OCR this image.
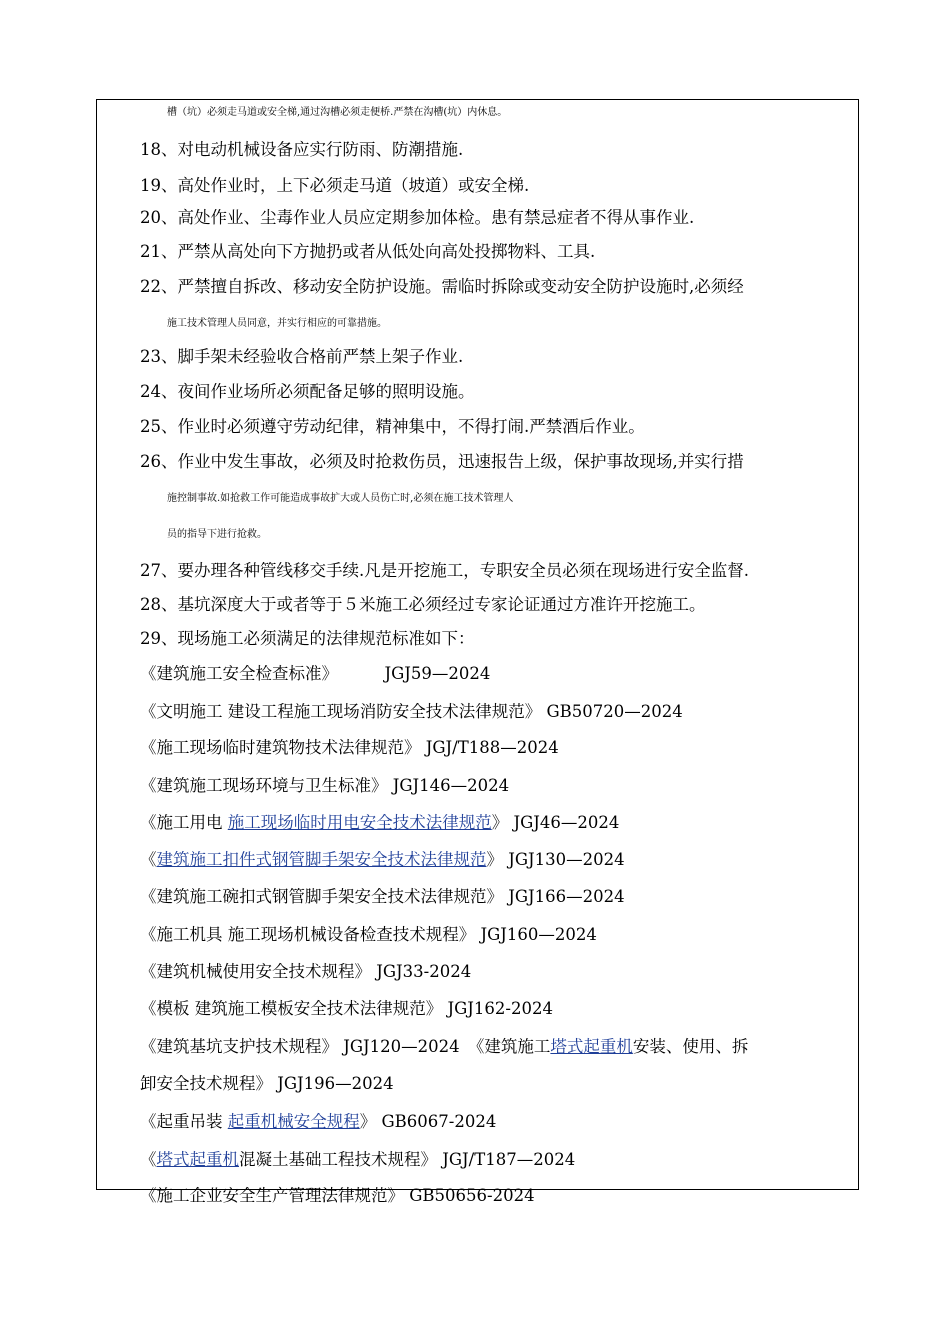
槽（坑）必须走马道或安全梯,通过沟槽必须走便桥.严禁在沟槽(坑）内休息。
18、对电动机械设备应实行防雨、防潮措施.
19、高处作业时，上下必须走马道（坡道）或安全梯.
20、高处作业、尘毒作业人员应定期参加体检。患有禁忌症者不得从事作业.
21、严禁从高处向下方抛扔或者从低处向高处投掷物料、工具.
22、严禁擅自拆改、移动安全防护设施。需临时拆除或变动安全防护设施时,必须经
施工技术管理人员同意，并实行相应的可靠措施。
23、脚手架未经验收合格前严禁上架子作业.
24、夜间作业场所必须配备足够的照明设施。
25、作业时必须遵守劳动纪律，精神集中，不得打闹.严禁酒后作业。
26、作业中发生事故，必须及时抢救伤员，迅速报告上级，保护事故现场,并实行措
施控制事故.如抢救工作可能造成事故扩大或人员伤亡时,必须在施工技术管理人
员的指导下进行抢救。
27、要办理各种管线移交手续.凡是开挖施工，专职安全员必须在现场进行安全监督.
28、基坑深度大于或者等于５米施工必须经过专家论证通过方准许开挖施工。
29、现场施工必须满足的法律规范标准如下：
《建筑施工安全检查标准》　　　 JGJ59—2024
《文明施工 建设工程施工现场消防安全技术法律规范》 GB50720—2024
《施工现场临时建筑物技术法律规范》 JGJ/T188—2024
《建筑施工现场环境与卫生标准》 JGJ146—2024
《施工用电 施工现场临时用电安全技术法律规范》 JGJ46—2024
《建筑施工扣件式钢管脚手架安全技术法律规范》 JGJ130—2024
《建筑施工碗扣式钢管脚手架安全技术法律规范》 JGJ166—2024
《施工机具 施工现场机械设备检查技术规程》 JGJ160—2024
《建筑机械使用安全技术规程》 JGJ33-2024
《模板 建筑施工模板安全技术法律规范》 JGJ162-2024
《建筑基坑支护技术规程》 JGJ120—2024　《建筑施工塔式起重机安装、使用、拆
卸安全技术规程》 JGJ196—2024
《起重吊装 起重机械安全规程》 GB6067-2024
《塔式起重机混凝土基础工程技术规程》 JGJ/T187—2024
《施工企业安全生产管理法律规范》 GB50656-2024
